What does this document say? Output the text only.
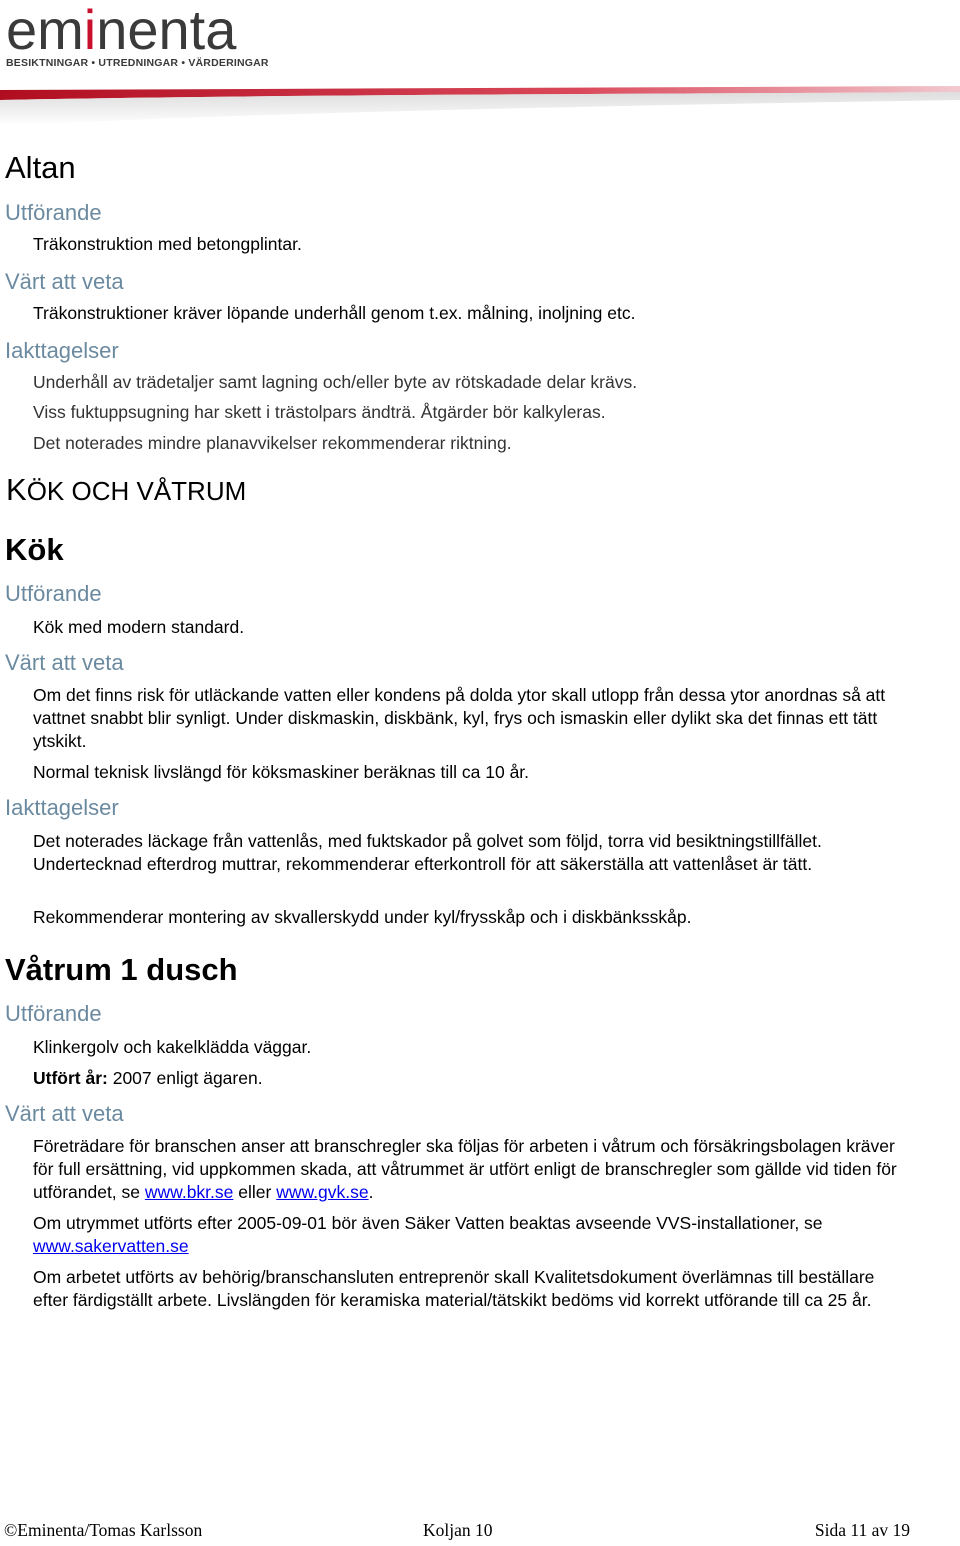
eminenta
BESIKTNINGAR • UTREDNINGAR • VÄRDERINGAR
Altan
Utförande
Träkonstruktion med betongplintar.
Värt att veta
Träkonstruktioner kräver löpande underhåll genom t.ex. målning, inoljning etc.
Iakttagelser
Underhåll av trädetaljer samt lagning och/eller byte av rötskadade delar krävs.
Viss fuktuppsugning har skett i trästolpars ändträ. Åtgärder bör kalkyleras.
Det noterades mindre planavvikelser rekommenderar riktning.
KÖK OCH VÅTRUM
Kök
Utförande
Kök med modern standard.
Värt att veta
Om det finns risk för utläckande vatten eller kondens på dolda ytor skall utlopp från dessa ytor anordnas så att vattnet snabbt blir synligt. Under diskmaskin, diskbänk, kyl, frys och ismaskin eller dylikt ska det finnas ett tätt ytskikt.
Normal teknisk livslängd för köksmaskiner beräknas till ca 10 år.
Iakttagelser
Det noterades läckage från vattenlås, med fuktskador på golvet som följd, torra vid besiktningstillfället. Undertecknad efterdrog muttrar, rekommenderar efterkontroll för att säkerställa att vattenlåset är tätt.
Rekommenderar montering av skvallerskydd under kyl/frysskåp och i diskbänksskåp.
Våtrum 1 dusch
Utförande
Klinkergolv och kakelklädda väggar.
Utfört år: 2007 enligt ägaren.
Värt att veta
Företrädare för branschen anser att branschregler ska följas för arbeten i våtrum och försäkringsbolagen kräver för full ersättning, vid uppkommen skada, att våtrummet är utfört enligt de branschregler som gällde vid tiden för utförandet, se www.bkr.se eller www.gvk.se.
Om utrymmet utförts efter 2005-09-01 bör även Säker Vatten beaktas avseende VVS-installationer, se www.sakervatten.se
Om arbetet utförts av behörig/branschansluten entreprenör skall Kvalitetsdokument överlämnas till beställare efter färdigställt arbete. Livslängden för keramiska material/tätskikt bedöms vid korrekt utförande till ca 25 år.
©Eminenta/Tomas Karlsson	Koljan 10	Sida 11 av 19
